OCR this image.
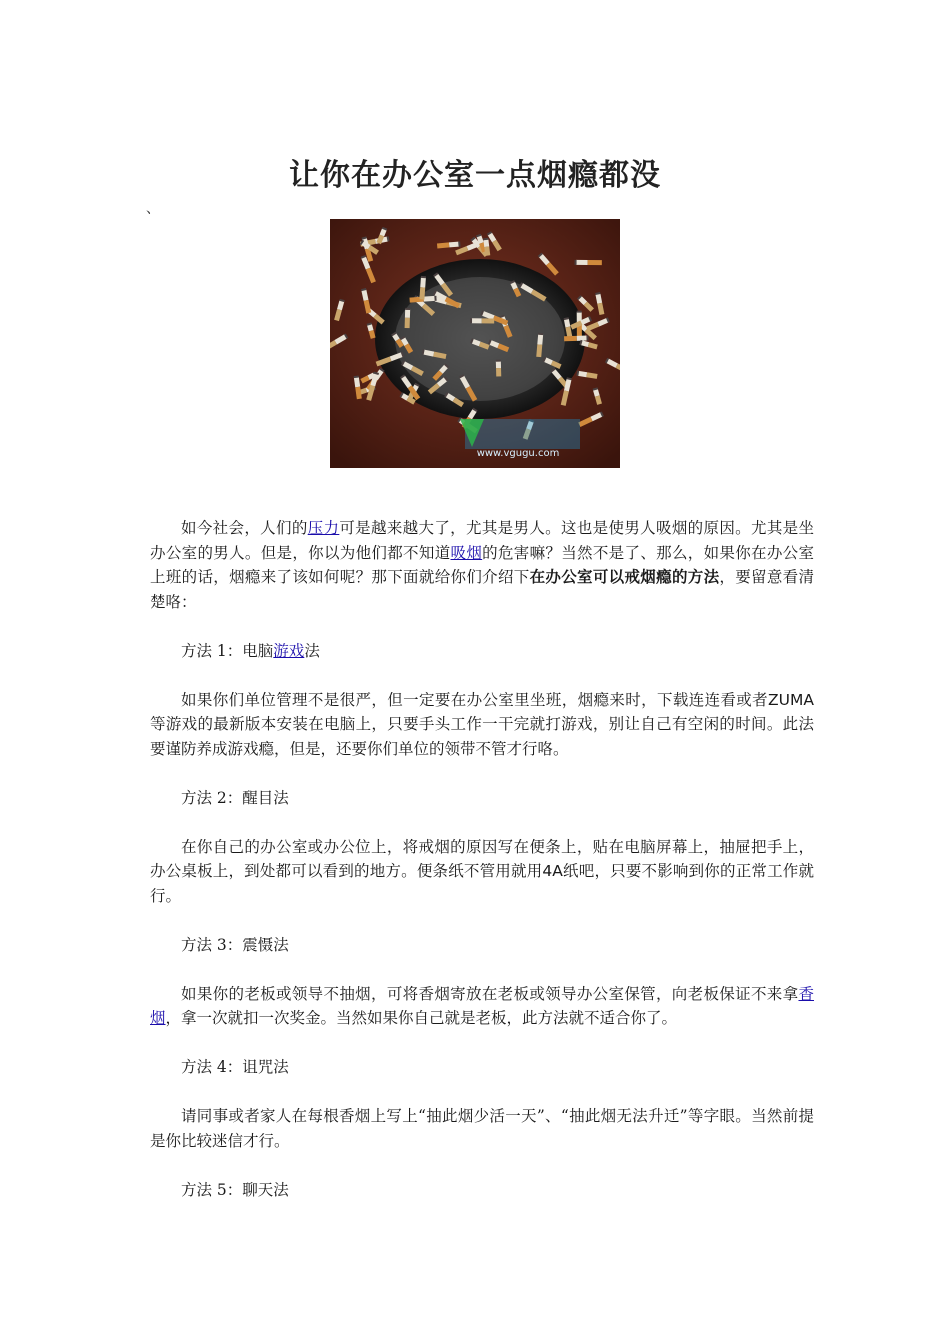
让你在办公室一点烟瘾都没
、
www.vgugu.com

如今社会，人们的压力可是越来越大了，尤其是男人。这也是使男人吸烟的原因。尤其是坐办公室的男人。但是，你以为他们都不知道吸烟的危害嘛？当然不是了、那么，如果你在办公室上班的话，烟瘾来了该如何呢？那下面就给你们介绍下在办公室可以戒烟瘾的方法，要留意看清楚咯：

方法 1：电脑游戏法

如果你们单位管理不是很严，但一定要在办公室里坐班，烟瘾来时，下载连连看或者ZUMA等游戏的最新版本安装在电脑上，只要手头工作一干完就打游戏，别让自己有空闲的时间。此法要谨防养成游戏瘾，但是，还要你们单位的领带不管才行咯。

方法 2：醒目法

在你自己的办公室或办公位上，将戒烟的原因写在便条上，贴在电脑屏幕上，抽屉把手上，办公桌板上，到处都可以看到的地方。便条纸不管用就用4A纸吧，只要不影响到你的正常工作就行。

方法 3：震慑法

如果你的老板或领导不抽烟，可将香烟寄放在老板或领导办公室保管，向老板保证不来拿香烟，拿一次就扣一次奖金。当然如果你自己就是老板，此方法就不适合你了。

方法 4：诅咒法

请同事或者家人在每根香烟上写上“抽此烟少活一天”、“抽此烟无法升迁”等字眼。当然前提是你比较迷信才行。

方法 5：聊天法
